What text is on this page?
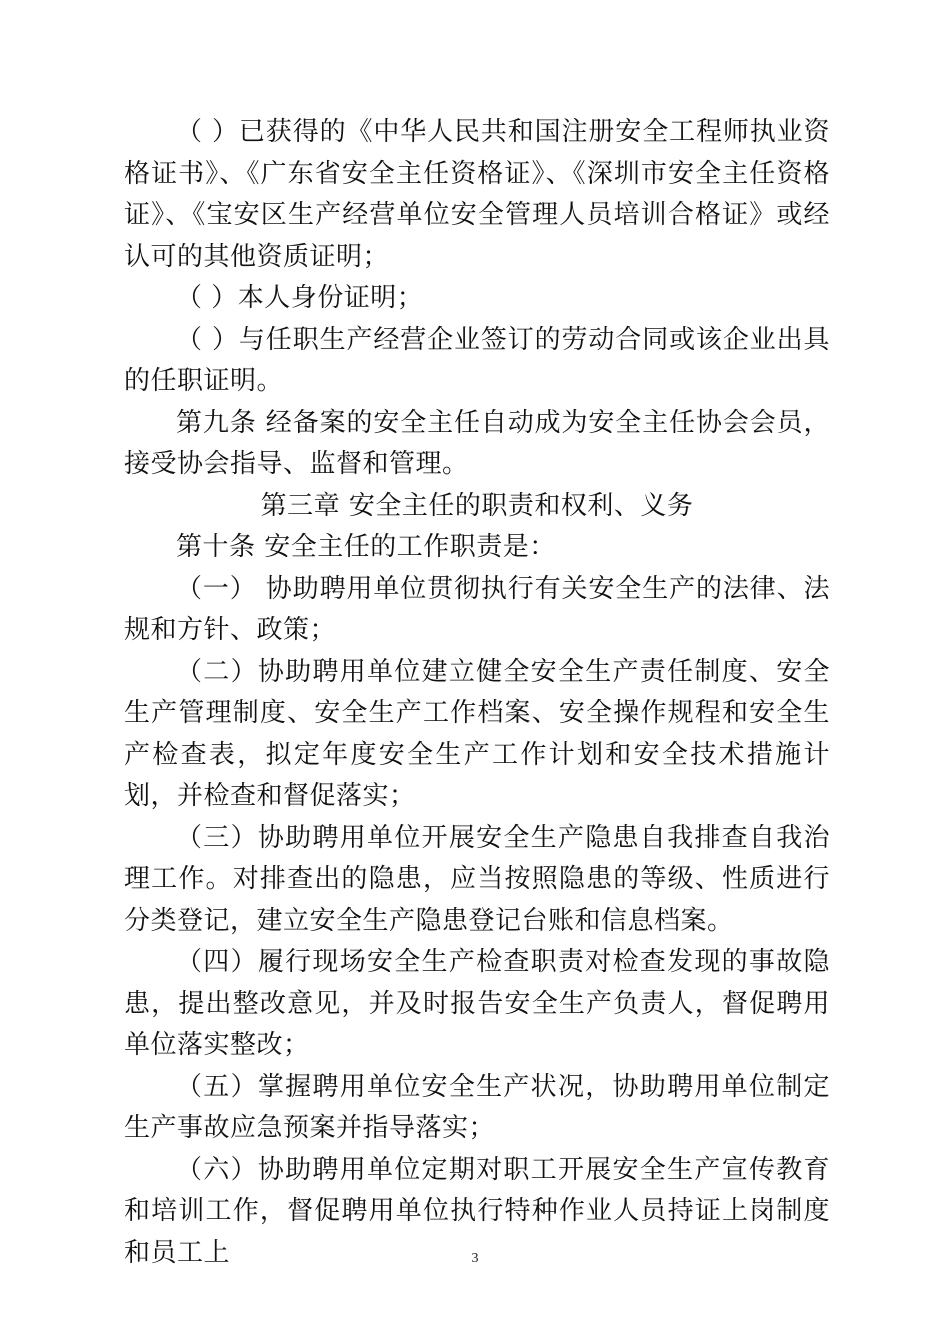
（ ）已获得的《中华人民共和国注册安全工程师执业资格证书》、《广东省安全主任资格证》、《深圳市安全主任资格证》、《宝安区生产经营单位安全管理人员培训合格证》或经认可的其他资质证明；

（ ）本人身份证明；

（ ）与任职生产经营企业签订的劳动合同或该企业出具的任职证明。

第九条 经备案的安全主任自动成为安全主任协会会员，接受协会指导、监督和管理。

第三章 安全主任的职责和权利、义务

第十条 安全主任的工作职责是：

（一） 协助聘用单位贯彻执行有关安全生产的法律、法规和方针、政策；

（二）协助聘用单位建立健全安全生产责任制度、安全生产管理制度、安全生产工作档案、安全操作规程和安全生产检查表，拟定年度安全生产工作计划和安全技术措施计划，并检查和督促落实；

（三）协助聘用单位开展安全生产隐患自我排查自我治理工作。对排查出的隐患，应当按照隐患的等级、性质进行分类登记，建立安全生产隐患登记台账和信息档案。

（四）履行现场安全生产检查职责对检查发现的事故隐患，提出整改意见，并及时报告安全生产负责人，督促聘用单位落实整改；

（五）掌握聘用单位安全生产状况，协助聘用单位制定生产事故应急预案并指导落实；

（六）协助聘用单位定期对职工开展安全生产宣传教育和培训工作，督促聘用单位执行特种作业人员持证上岗制度和员工上	3
